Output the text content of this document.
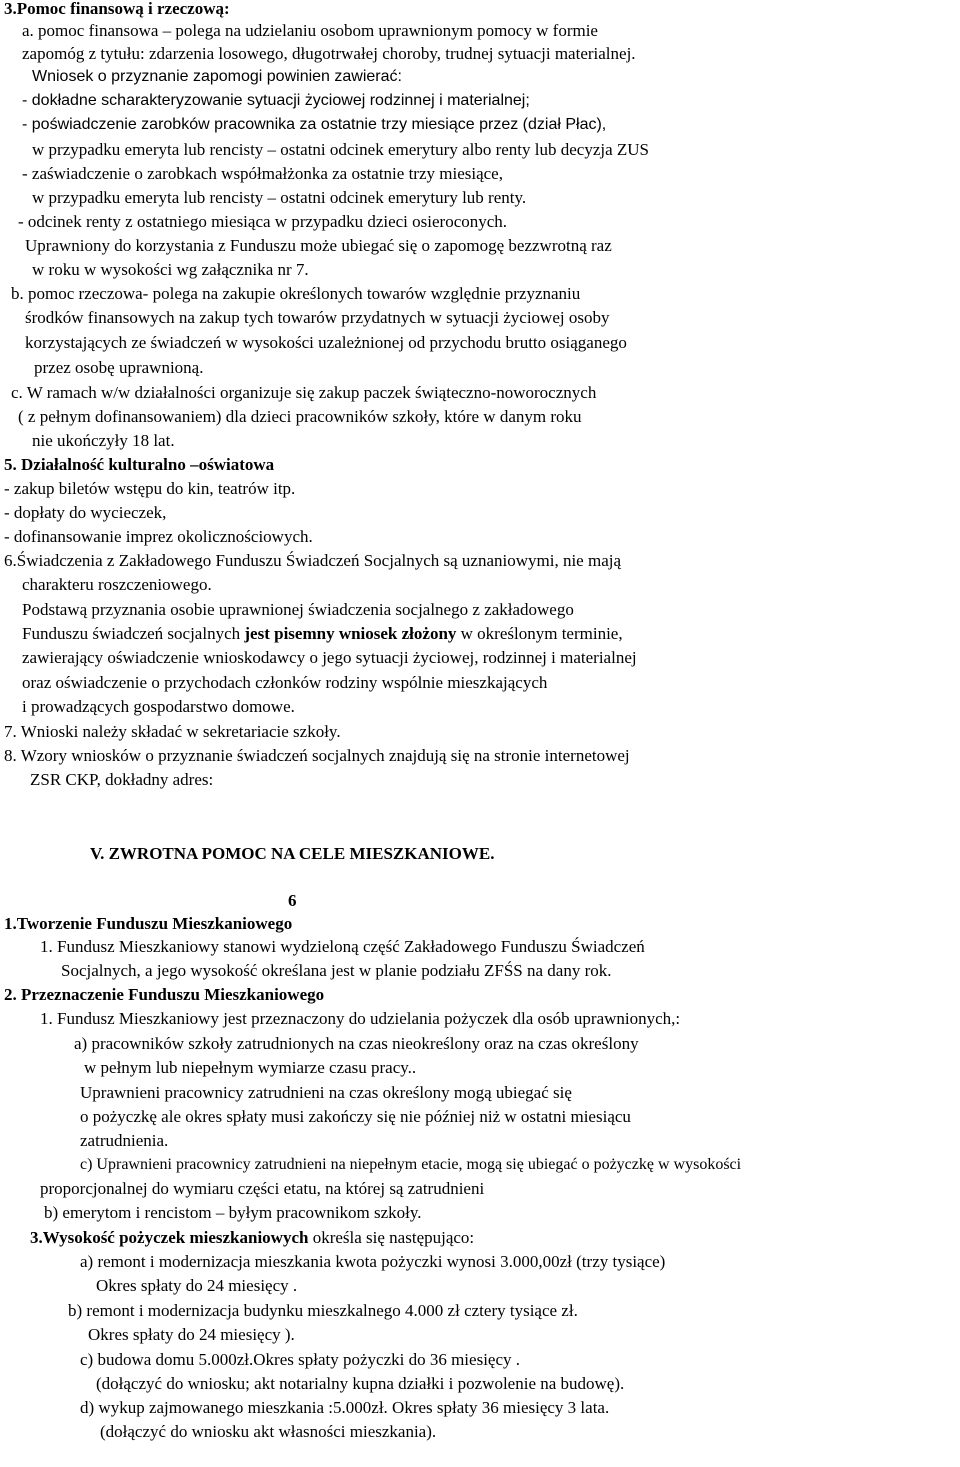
3.Pomoc finansową i rzeczową:
a. pomoc finansowa – polega na udzielaniu osobom uprawnionym pomocy w formie
zapomóg z tytułu: zdarzenia losowego, długotrwałej choroby, trudnej sytuacji materialnej.
Wniosek o przyznanie zapomogi powinien zawierać:
- dokładne scharakteryzowanie sytuacji życiowej rodzinnej i materialnej;
- poświadczenie zarobków pracownika za ostatnie trzy miesiące przez (dział Płac),
w przypadku emeryta lub rencisty – ostatni odcinek emerytury albo renty lub decyzja ZUS
- zaświadczenie o zarobkach współmałżonka za ostatnie trzy miesiące,
w przypadku emeryta lub rencisty – ostatni odcinek emerytury lub renty.
- odcinek renty z ostatniego miesiąca w przypadku dzieci osieroconych.
Uprawniony do korzystania z Funduszu może ubiegać się o zapomogę bezzwrotną raz
w roku w wysokości wg załącznika nr 7.
b. pomoc rzeczowa- polega na zakupie określonych towarów względnie przyznaniu
środków finansowych na zakup tych towarów przydatnych w sytuacji życiowej osoby
korzystających ze świadczeń w wysokości uzależnionej od przychodu brutto osiąganego
przez osobę uprawnioną.
c. W ramach w/w działalności organizuje się zakup paczek świąteczno-noworocznych
( z pełnym dofinansowaniem) dla dzieci pracowników szkoły, które w danym roku
nie ukończyły 18 lat.
5. Działalność kulturalno –oświatowa
- zakup biletów wstępu do kin, teatrów itp.
- dopłaty do wycieczek,
- dofinansowanie imprez okolicznościowych.
6.Świadczenia z Zakładowego Funduszu Świadczeń Socjalnych są uznaniowymi, nie mają
charakteru roszczeniowego.
Podstawą przyznania osobie uprawnionej świadczenia socjalnego z zakładowego
Funduszu świadczeń socjalnych jest pisemny wniosek złożony w określonym terminie,
zawierający oświadczenie wnioskodawcy o jego sytuacji życiowej, rodzinnej i materialnej
oraz oświadczenie o przychodach członków rodziny wspólnie mieszkających
i prowadzących gospodarstwo domowe.
7. Wnioski należy składać w sekretariacie szkoły.
8. Wzory wniosków o przyznanie świadczeń socjalnych znajdują się na stronie internetowej
ZSR CKP, dokładny adres:
V. ZWROTNA POMOC NA CELE MIESZKANIOWE.
6
1.Tworzenie Funduszu Mieszkaniowego
1. Fundusz Mieszkaniowy stanowi wydzieloną część Zakładowego Funduszu Świadczeń
Socjalnych, a jego wysokość określana jest w planie podziału ZFŚS na dany rok.
2. Przeznaczenie Funduszu Mieszkaniowego
1. Fundusz Mieszkaniowy jest przeznaczony do udzielania pożyczek dla osób uprawnionych,:
a) pracowników szkoły zatrudnionych na czas nieokreślony oraz na czas określony
w pełnym lub niepełnym wymiarze czasu pracy..
Uprawnieni pracownicy zatrudnieni na czas określony mogą ubiegać się
o pożyczkę ale okres spłaty musi zakończy się nie później niż w ostatni miesiącu
zatrudnienia.
c) Uprawnieni pracownicy zatrudnieni na niepełnym etacie, mogą się ubiegać o pożyczkę w wysokości
proporcjonalnej do wymiaru części etatu, na której są zatrudnieni
b) emerytom i rencistom – byłym pracownikom szkoły.
3.Wysokość pożyczek mieszkaniowych określa się następująco:
a) remont i modernizacja mieszkania kwota pożyczki wynosi 3.000,00zł (trzy tysiące)
Okres spłaty do 24 miesięcy .
b) remont i modernizacja budynku mieszkalnego 4.000 zł cztery tysiące zł.
Okres spłaty do 24 miesięcy ).
c) budowa domu 5.000zł.Okres spłaty pożyczki do 36 miesięcy .
(dołączyć do wniosku; akt notarialny kupna działki i pozwolenie na budowę).
d) wykup zajmowanego mieszkania :5.000zł. Okres spłaty 36 miesięcy 3 lata.
(dołączyć do wniosku akt własności mieszkania).
